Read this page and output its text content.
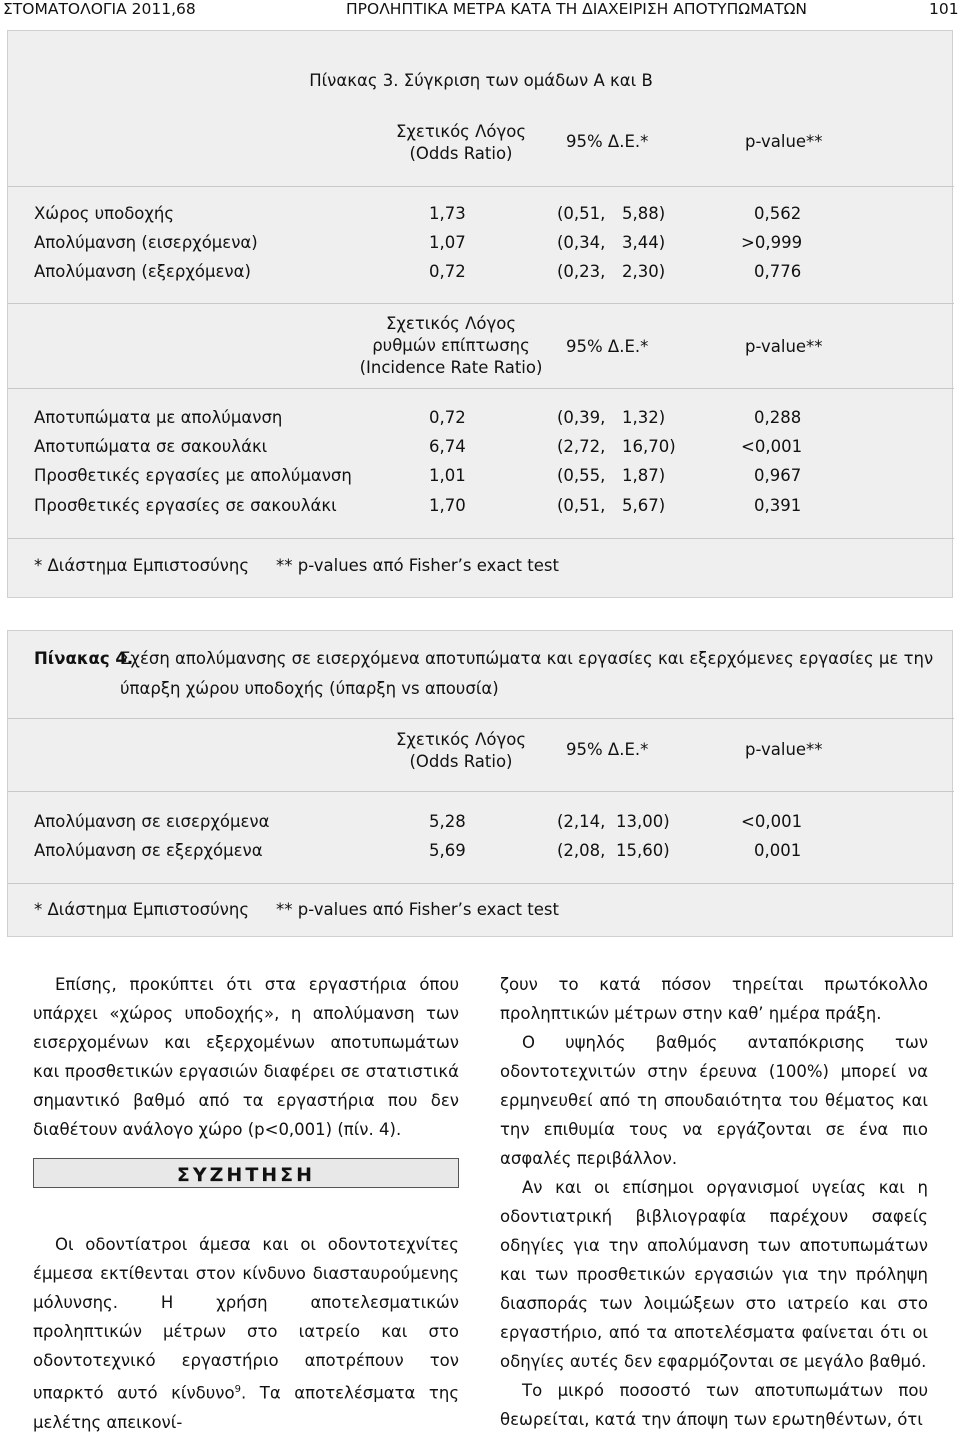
ΣΤΟΜΑΤΟΛΟΓΙΑ 2011,68	ΠΡΟΛΗΠΤΙΚΑ ΜΕΤΡΑ ΚΑΤΑ ΤΗ ΔΙΑΧΕΙΡΙΣΗ ΑΠΟΤΥΠΩΜΑΤΩΝ	101
Πίνακας 3. Σύγκριση των ομάδων Α και Β
Σχετικός Λόγος
(Odds Ratio)
95% Δ.Ε.*	p-value**
Χώρος υποδοχής	1,73	(0,51, 5,88)	0,562
Απολύμανση (εισερχόμενα)	1,07	(0,34, 3,44)	>0,999
Απολύμανση (εξερχόμενα)	0,72	(0,23, 2,30)	0,776
Σχετικός Λόγος
ρυθμών επίπτωσης
(Incidence Rate Ratio)
95% Δ.Ε.*	p-value**
Αποτυπώματα με απολύμανση	0,72	(0,39, 1,32)	0,288
Αποτυπώματα σε σακουλάκι	6,74	(2,72, 16,70)	<0,001
Προσθετικές εργασίες με απολύμανση	1,01	(0,55, 1,87)	0,967
Προσθετικές εργασίες σε σακουλάκι	1,70	(0,51, 5,67)	0,391
* Διάστημα Εμπιστοσύνης ** p-values από Fisher’s exact test
Πίνακας 4.
Σχέση απολύμανσης σε εισερχόμενα αποτυπώματα και εργασίες και εξερχόμενες εργασίες με την
ύπαρξη χώρου υποδοχής (ύπαρξη vs απουσία)
Σχετικός Λόγος
(Odds Ratio)
95% Δ.Ε.*	p-value**
Απολύμανση σε εισερχόμενα	5,28	(2,14, 13,00)	<0,001
Απολύμανση σε εξερχόμενα	5,69	(2,08, 15,60)	0,001
* Διάστημα Εμπιστοσύνης ** p-values από Fisher’s exact test

Επίσης, προκύπτει ότι στα εργαστήρια όπου υπάρχει «χώρος υποδοχής», η απολύμανση των εισερχομένων και εξερχομένων αποτυπωμάτων και προσθετικών εργασιών διαφέρει σε στατιστικά σημαντικό βαθμό από τα εργαστήρια που δεν διαθέτουν ανάλογο χώρο (p<0,001) (πίν. 4).

ΣΥΖΗΤΗΣΗ

Οι οδοντίατροι άμεσα και οι οδοντοτεχνίτες έμμεσα εκτίθενται στον κίνδυνο διασταυρούμενης μόλυνσης. Η χρήση αποτελεσματικών προληπτικών μέτρων στο ιατρείο και στο οδοντοτεχνικό εργαστήριο αποτρέπουν τον υπαρκτό αυτό κίνδυνο$^9$. Τα αποτελέσματα της μελέτης απεικονί-

ζουν το κατά πόσον τηρείται πρωτόκολλο προληπτικών μέτρων στην καθ’ ημέρα πράξη.

Ο υψηλός βαθμός ανταπόκρισης των οδοντοτεχνιτών στην έρευνα (100%) μπορεί να ερμηνευθεί από τη σπουδαιότητα του θέματος και την επιθυμία τους να εργάζονται σε ένα πιο ασφαλές περιβάλλον.

Αν και οι επίσημοι οργανισμοί υγείας και η οδοντιατρική βιβλιογραφία παρέχουν σαφείς οδηγίες για την απολύμανση των αποτυπωμάτων και των προσθετικών εργασιών για την πρόληψη διασποράς των λοιμώξεων στο ιατρείο και στο εργαστήριο, από τα αποτελέσματα φαίνεται ότι οι οδηγίες αυτές δεν εφαρμόζονται σε μεγάλο βαθμό.

Το μικρό ποσοστό των αποτυπωμάτων που θεωρείται, κατά την άποψη των ερωτηθέντων, ότι
